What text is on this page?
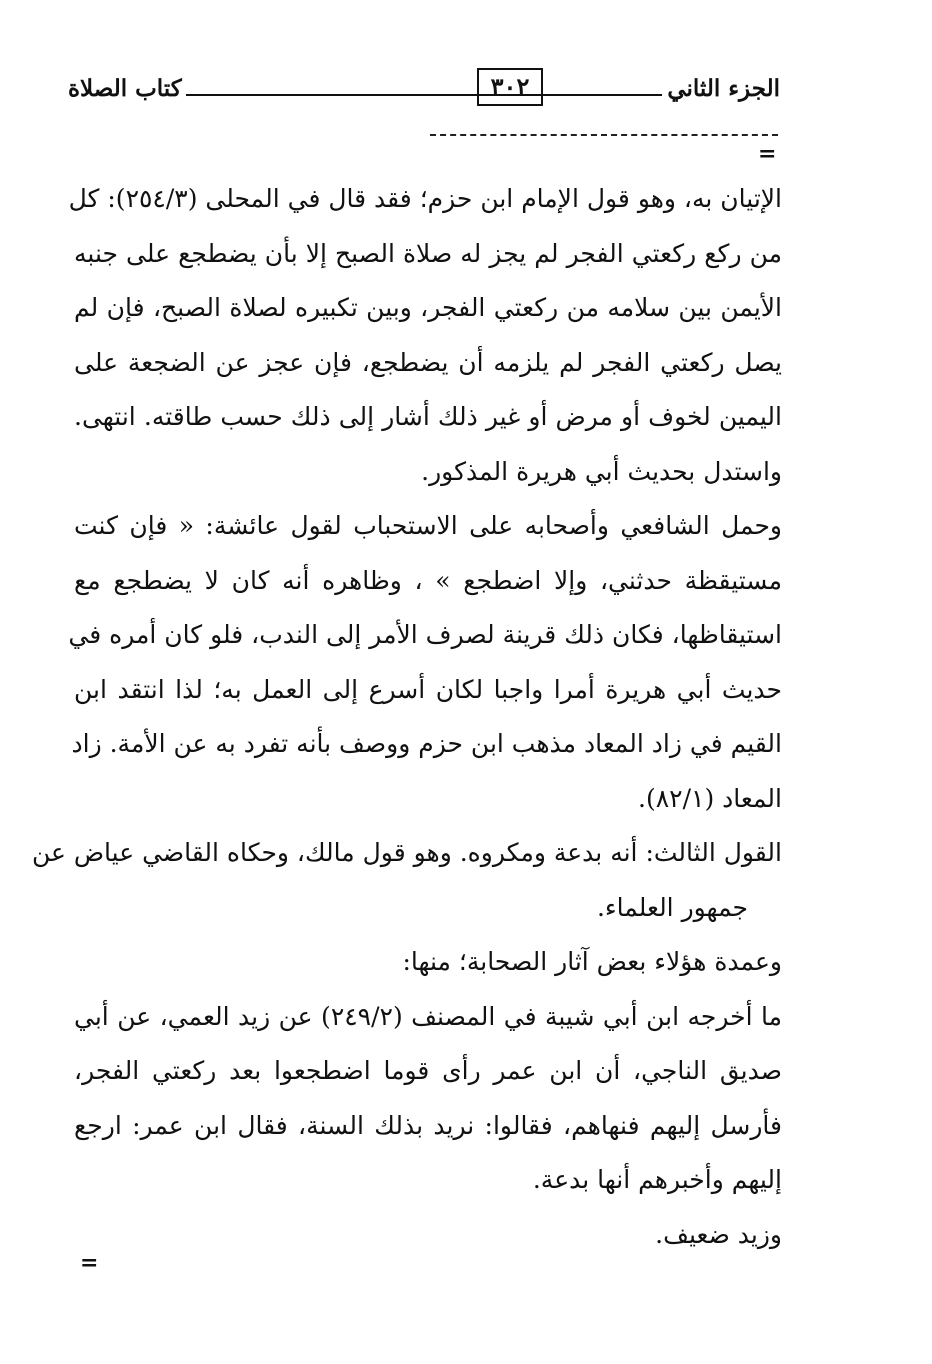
الجزء الثاني
٣٠٢
كتاب الصلاة
=
الإتيان به، وهو قول الإمام ابن حزم؛ فقد قال في المحلى (٢٥٤/٣): كل
من ركع ركعتي الفجر لم يجز له صلاة الصبح إلا بأن يضطجع على جنبه
الأيمن بين سلامه من ركعتي الفجر، وبين تكبيره لصلاة الصبح، فإن لم
يصل ركعتي الفجر لم يلزمه أن يضطجع، فإن عجز عن الضجعة على
اليمين لخوف أو مرض أو غير ذلك أشار إلى ذلك حسب طاقته. انتهى.
واستدل بحديث أبي هريرة المذكور.
وحمل الشافعي وأصحابه على الاستحباب لقول عائشة: « فإن كنت
مستيقظة حدثني، وإلا اضطجع » ، وظاهره أنه كان لا يضطجع مع
استيقاظها، فكان ذلك قرينة لصرف الأمر إلى الندب، فلو كان أمره في
حديث أبي هريرة أمرا واجبا لكان أسرع إلى العمل به؛ لذا انتقد ابن
القيم في زاد المعاد مذهب ابن حزم ووصف بأنه تفرد به عن الأمة. زاد
المعاد (٨٢/١).
القول الثالث: أنه بدعة ومكروه. وهو قول مالك، وحكاه القاضي عياض عن
جمهور العلماء.
وعمدة هؤلاء بعض آثار الصحابة؛ منها:
ما أخرجه ابن أبي شيبة في المصنف (٢٤٩/٢) عن زيد العمي، عن أبي
صديق الناجي، أن ابن عمر رأى قوما اضطجعوا بعد ركعتي الفجر،
فأرسل إليهم فنهاهم، فقالوا: نريد بذلك السنة، فقال ابن عمر: ارجع
إليهم وأخبرهم أنها بدعة.
وزيد ضعيف.
=
